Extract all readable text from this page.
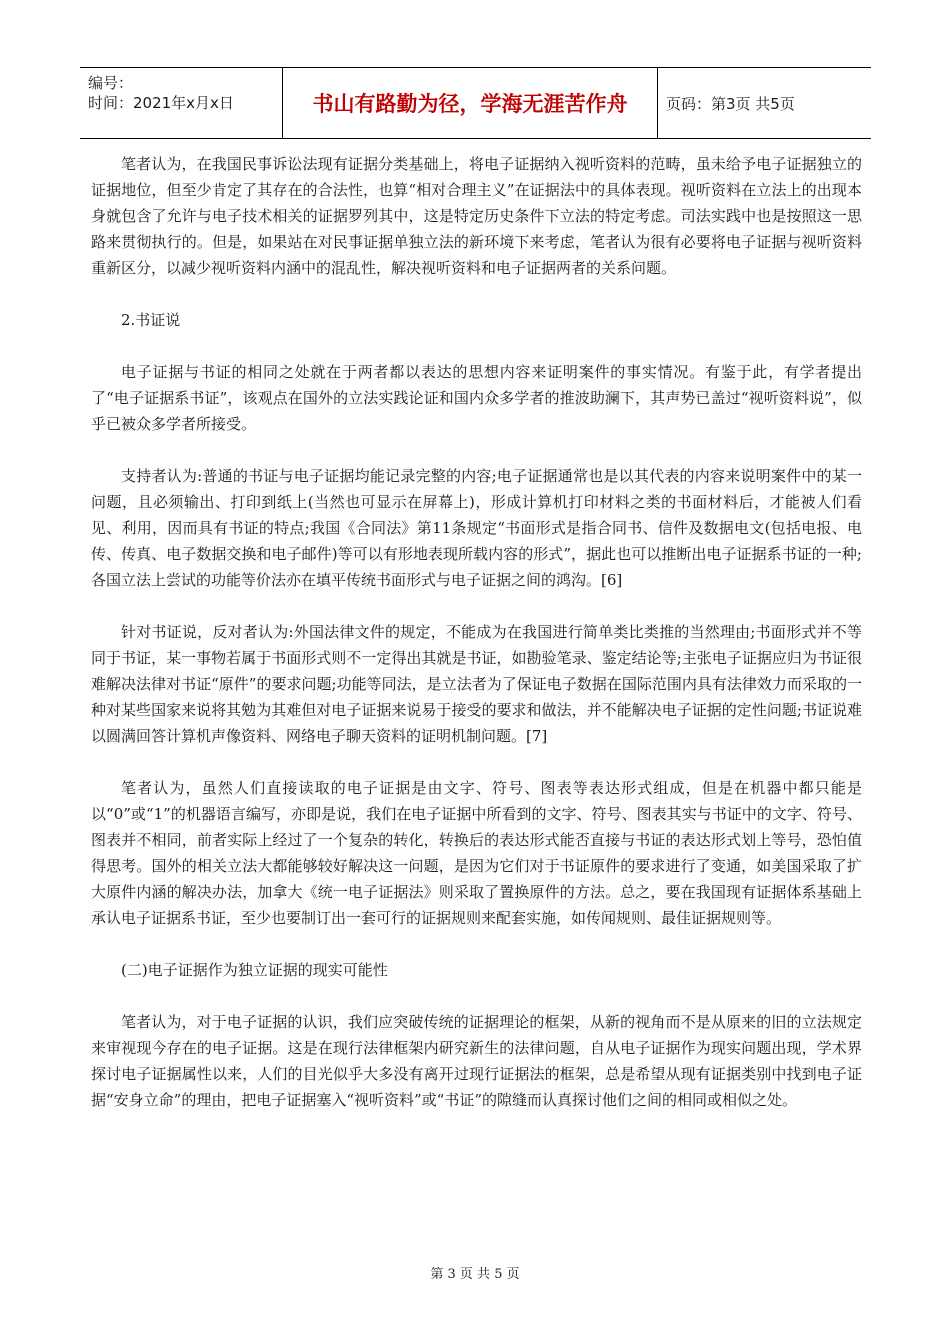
编号：
时间：2021年x月x日	书山有路勤为径，学海无涯苦作舟	页码：第3页 共5页

笔者认为，在我国民事诉讼法现有证据分类基础上，将电子证据纳入视听资料的范畴，虽未给予电子证据独立的证据地位，但至少肯定了其存在的合法性，也算“相对合理主义”在证据法中的具体表现。视听资料在立法上的出现本身就包含了允许与电子技术相关的证据罗列其中，这是特定历史条件下立法的特定考虑。司法实践中也是按照这一思路来贯彻执行的。但是，如果站在对民事证据单独立法的新环境下来考虑，笔者认为很有必要将电子证据与视听资料重新区分，以减少视听资料内涵中的混乱性，解决视听资料和电子证据两者的关系问题。

2.书证说

电子证据与书证的相同之处就在于两者都以表达的思想内容来证明案件的事实情况。有鉴于此，有学者提出了“电子证据系书证”，该观点在国外的立法实践论证和国内众多学者的推波助澜下，其声势已盖过“视听资料说”，似乎已被众多学者所接受。

支持者认为:普通的书证与电子证据均能记录完整的内容;电子证据通常也是以其代表的内容来说明案件中的某一问题，且必须输出、打印到纸上(当然也可显示在屏幕上)，形成计算机打印材料之类的书面材料后，才能被人们看见、利用，因而具有书证的特点;我国《合同法》第11条规定“书面形式是指合同书、信件及数据电文(包括电报、电传、传真、电子数据交换和电子邮件)等可以有形地表现所载内容的形式”，据此也可以推断出电子证据系书证的一种;各国立法上尝试的功能等价法亦在填平传统书面形式与电子证据之间的鸿沟。[6]

针对书证说，反对者认为:外国法律文件的规定，不能成为在我国进行简单类比类推的当然理由;书面形式并不等同于书证，某一事物若属于书面形式则不一定得出其就是书证，如勘验笔录、鉴定结论等;主张电子证据应归为书证很难解决法律对书证“原件”的要求问题;功能等同法，是立法者为了保证电子数据在国际范围内具有法律效力而采取的一种对某些国家来说将其勉为其难但对电子证据来说易于接受的要求和做法，并不能解决电子证据的定性问题;书证说难以圆满回答计算机声像资料、网络电子聊天资料的证明机制问题。[7]

笔者认为，虽然人们直接读取的电子证据是由文字、符号、图表等表达形式组成，但是在机器中都只能是以“0”或“1”的机器语言编写，亦即是说，我们在电子证据中所看到的文字、符号、图表其实与书证中的文字、符号、图表并不相同，前者实际上经过了一个复杂的转化，转换后的表达形式能否直接与书证的表达形式划上等号，恐怕值得思考。国外的相关立法大都能够较好解决这一问题，是因为它们对于书证原件的要求进行了变通，如美国采取了扩大原件内涵的解决办法，加拿大《统一电子证据法》则采取了置换原件的方法。总之，要在我国现有证据体系基础上承认电子证据系书证，至少也要制订出一套可行的证据规则来配套实施，如传闻规则、最佳证据规则等。

(二)电子证据作为独立证据的现实可能性

笔者认为，对于电子证据的认识，我们应突破传统的证据理论的框架，从新的视角而不是从原来的旧的立法规定来审视现今存在的电子证据。这是在现行法律框架内研究新生的法律问题，自从电子证据作为现实问题出现，学术界探讨电子证据属性以来，人们的目光似乎大多没有离开过现行证据法的框架，总是希望从现有证据类别中找到电子证据“安身立命”的理由，把电子证据塞入“视听资料”或“书证”的隙缝而认真探讨他们之间的相同或相似之处。

第 3 页 共 5 页
